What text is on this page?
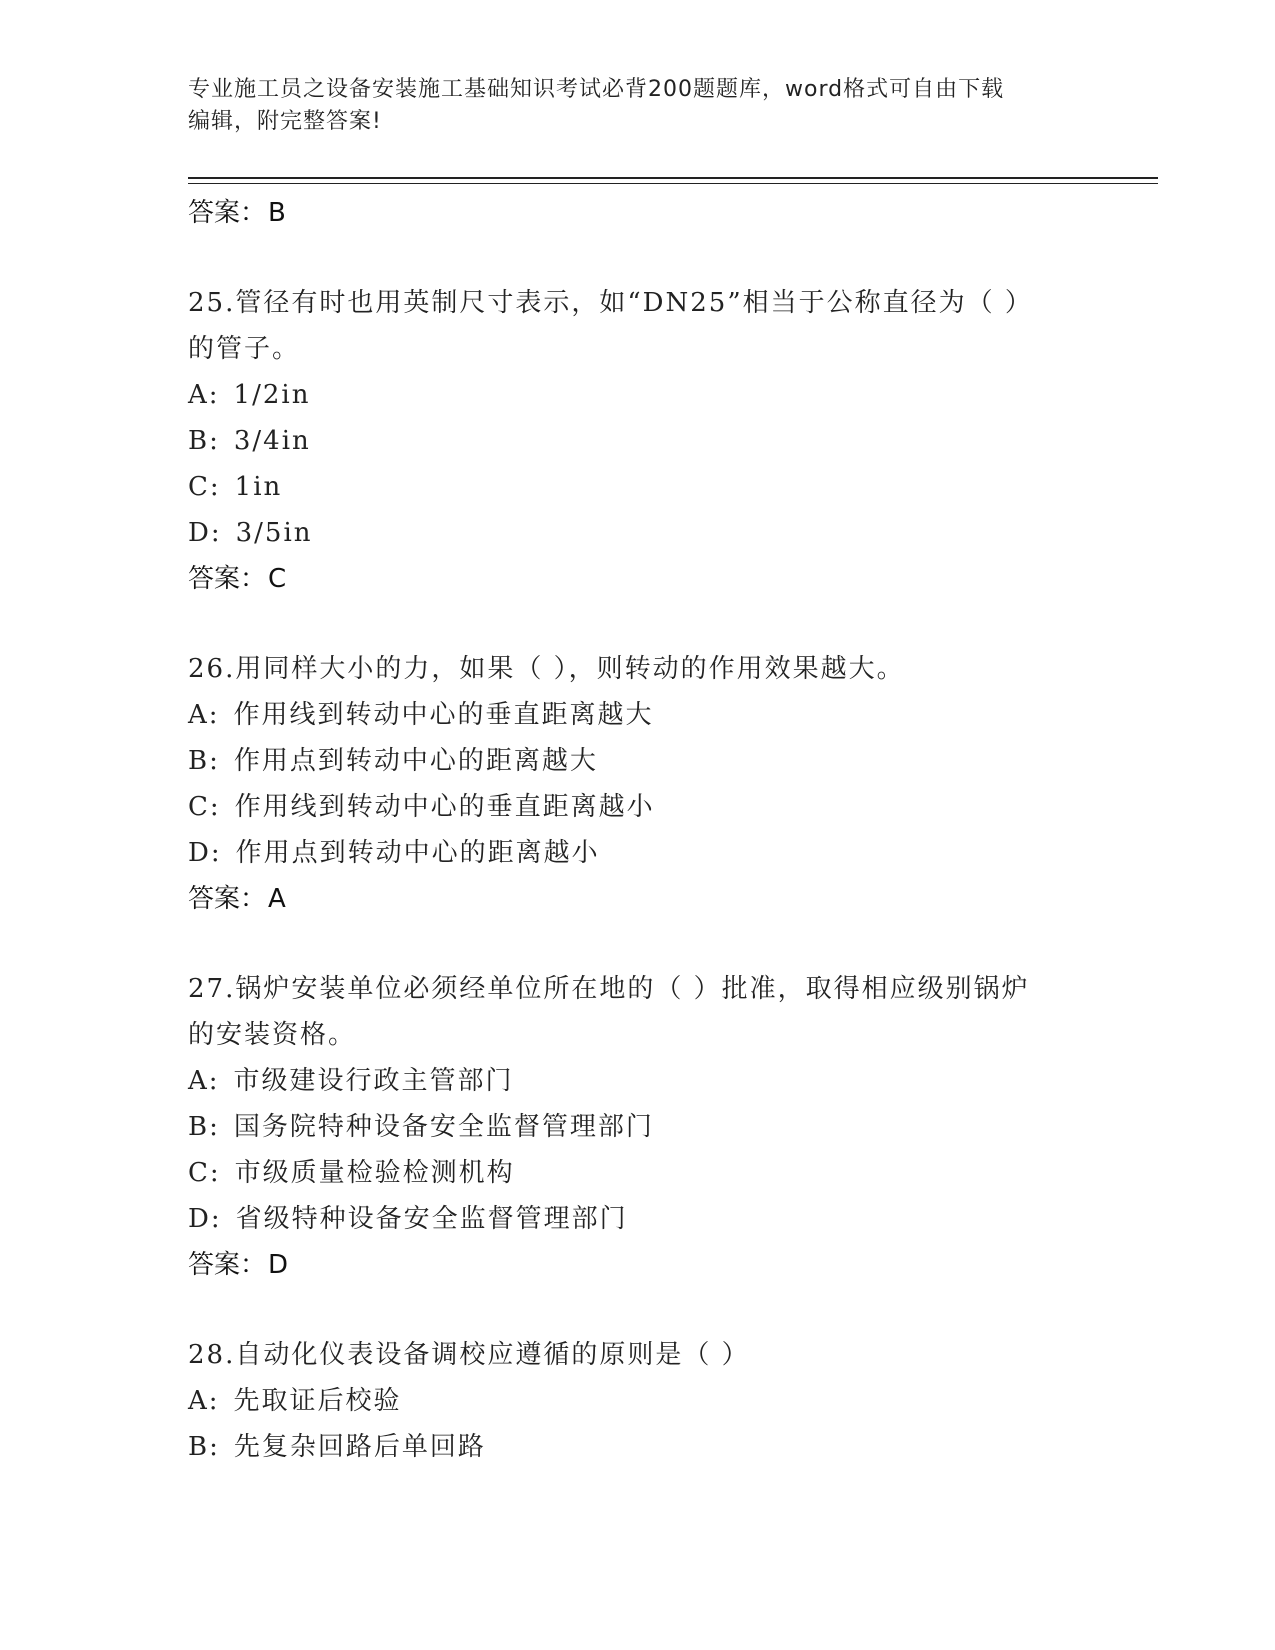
专业施工员之设备安装施工基础知识考试必背200题题库，word格式可自由下载
编辑，附完整答案!
答案：B
25.管径有时也用英制尺寸表示，如“DN25”相当于公称直径为（ ）
的管子。
A: 1/2in
B: 3/4in
C: 1in
D: 3/5in
答案：C
26.用同样大小的力，如果（ ），则转动的作用效果越大。
A: 作用线到转动中心的垂直距离越大
B: 作用点到转动中心的距离越大
C: 作用线到转动中心的垂直距离越小
D: 作用点到转动中心的距离越小
答案：A
27.锅炉安装单位必须经单位所在地的（ ）批准，取得相应级别锅炉
的安装资格。
A: 市级建设行政主管部门
B: 国务院特种设备安全监督管理部门
C: 市级质量检验检测机构
D: 省级特种设备安全监督管理部门
答案：D
28.自动化仪表设备调校应遵循的原则是（ ）
A: 先取证后校验
B: 先复杂回路后单回路
